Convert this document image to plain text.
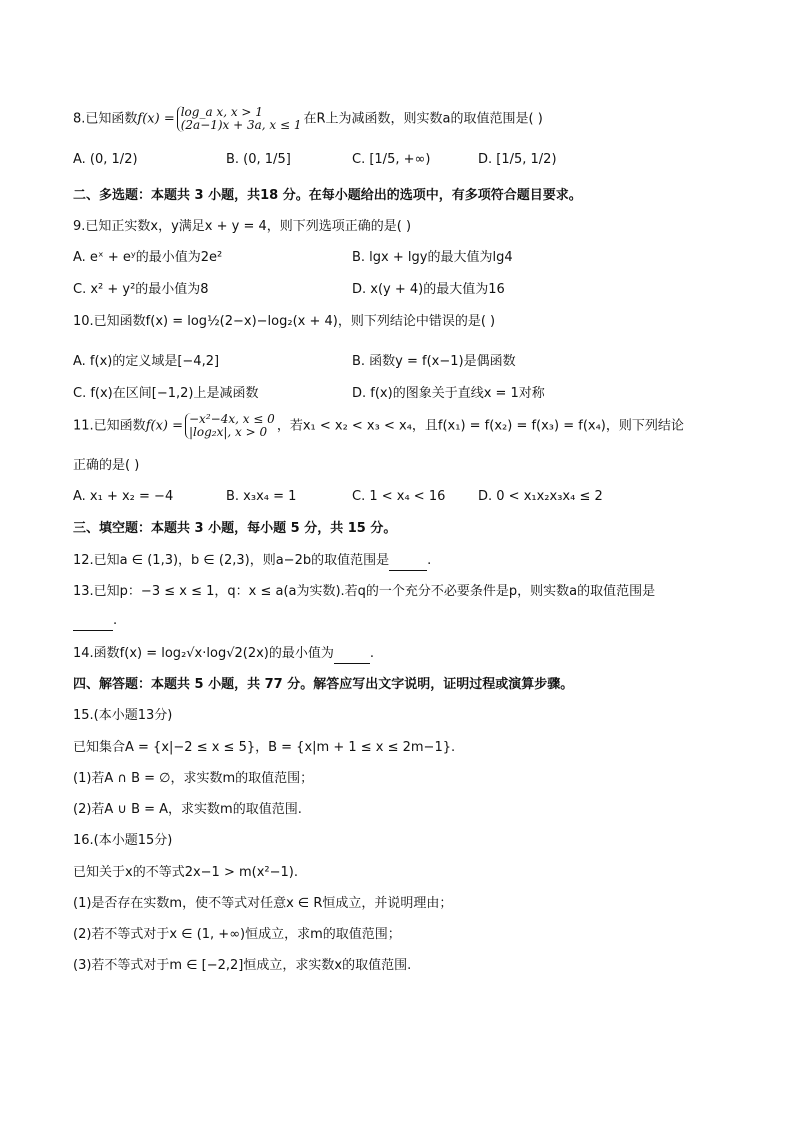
8.已知函数f(x) = log_a x, x > 1
(2a−1)x + 3a, x ≤ 1 在R上为减函数，则实数a的取值范围是( )
A. (0, 1/2)	B. (0, 1/5]	C. [1/5, +∞)	D. [1/5, 1/2)
二、多选题：本题共 3 小题，共18 分。在每小题给出的选项中，有多项符合题目要求。
9.已知正实数x，y满足x + y = 4，则下列选项正确的是( )
A. eˣ + eʸ的最小值为2e²	B. lgx + lgy的最大值为lg4
C. x² + y²的最小值为8	D. x(y + 4)的最大值为16
10.已知函数f(x) = log½(2−x)−log₂(x + 4)，则下列结论中错误的是( )
A. f(x)的定义域是[−4,2]	B. 函数y = f(x−1)是偶函数
C. f(x)在区间[−1,2)上是减函数	D. f(x)的图象关于直线x = 1对称
11.已知函数f(x) = −x²−4x, x ≤ 0
|log₂x|, x > 0 ，若x₁ < x₂ < x₃ < x₄，且f(x₁) = f(x₂) = f(x₃) = f(x₄)，则下列结论
正确的是( )
A. x₁ + x₂ = −4	B. x₃x₄ = 1	C. 1 < x₄ < 16	D. 0 < x₁x₂x₃x₄ ≤ 2
三、填空题：本题共 3 小题，每小题 5 分，共 15 分。
12.已知a ∈ (1,3)，b ∈ (2,3)，则a−2b的取值范围是	.
13.已知p：−3 ≤ x ≤ 1，q：x ≤ a(a为实数).若q的一个充分不必要条件是p，则实数a的取值范围是
.
14.函数f(x) = log₂√x·log√2(2x)的最小值为	.
四、解答题：本题共 5 小题，共 77 分。解答应写出文字说明，证明过程或演算步骤。
15.(本小题13分)
已知集合A = {x|−2 ≤ x ≤ 5}，B = {x|m + 1 ≤ x ≤ 2m−1}.
(1)若A ∩ B = ∅，求实数m的取值范围；
(2)若A ∪ B = A，求实数m的取值范围.
16.(本小题15分)
已知关于x的不等式2x−1 > m(x²−1).
(1)是否存在实数m，使不等式对任意x ∈ R恒成立，并说明理由；
(2)若不等式对于x ∈ (1, +∞)恒成立，求m的取值范围；
(3)若不等式对于m ∈ [−2,2]恒成立，求实数x的取值范围.
